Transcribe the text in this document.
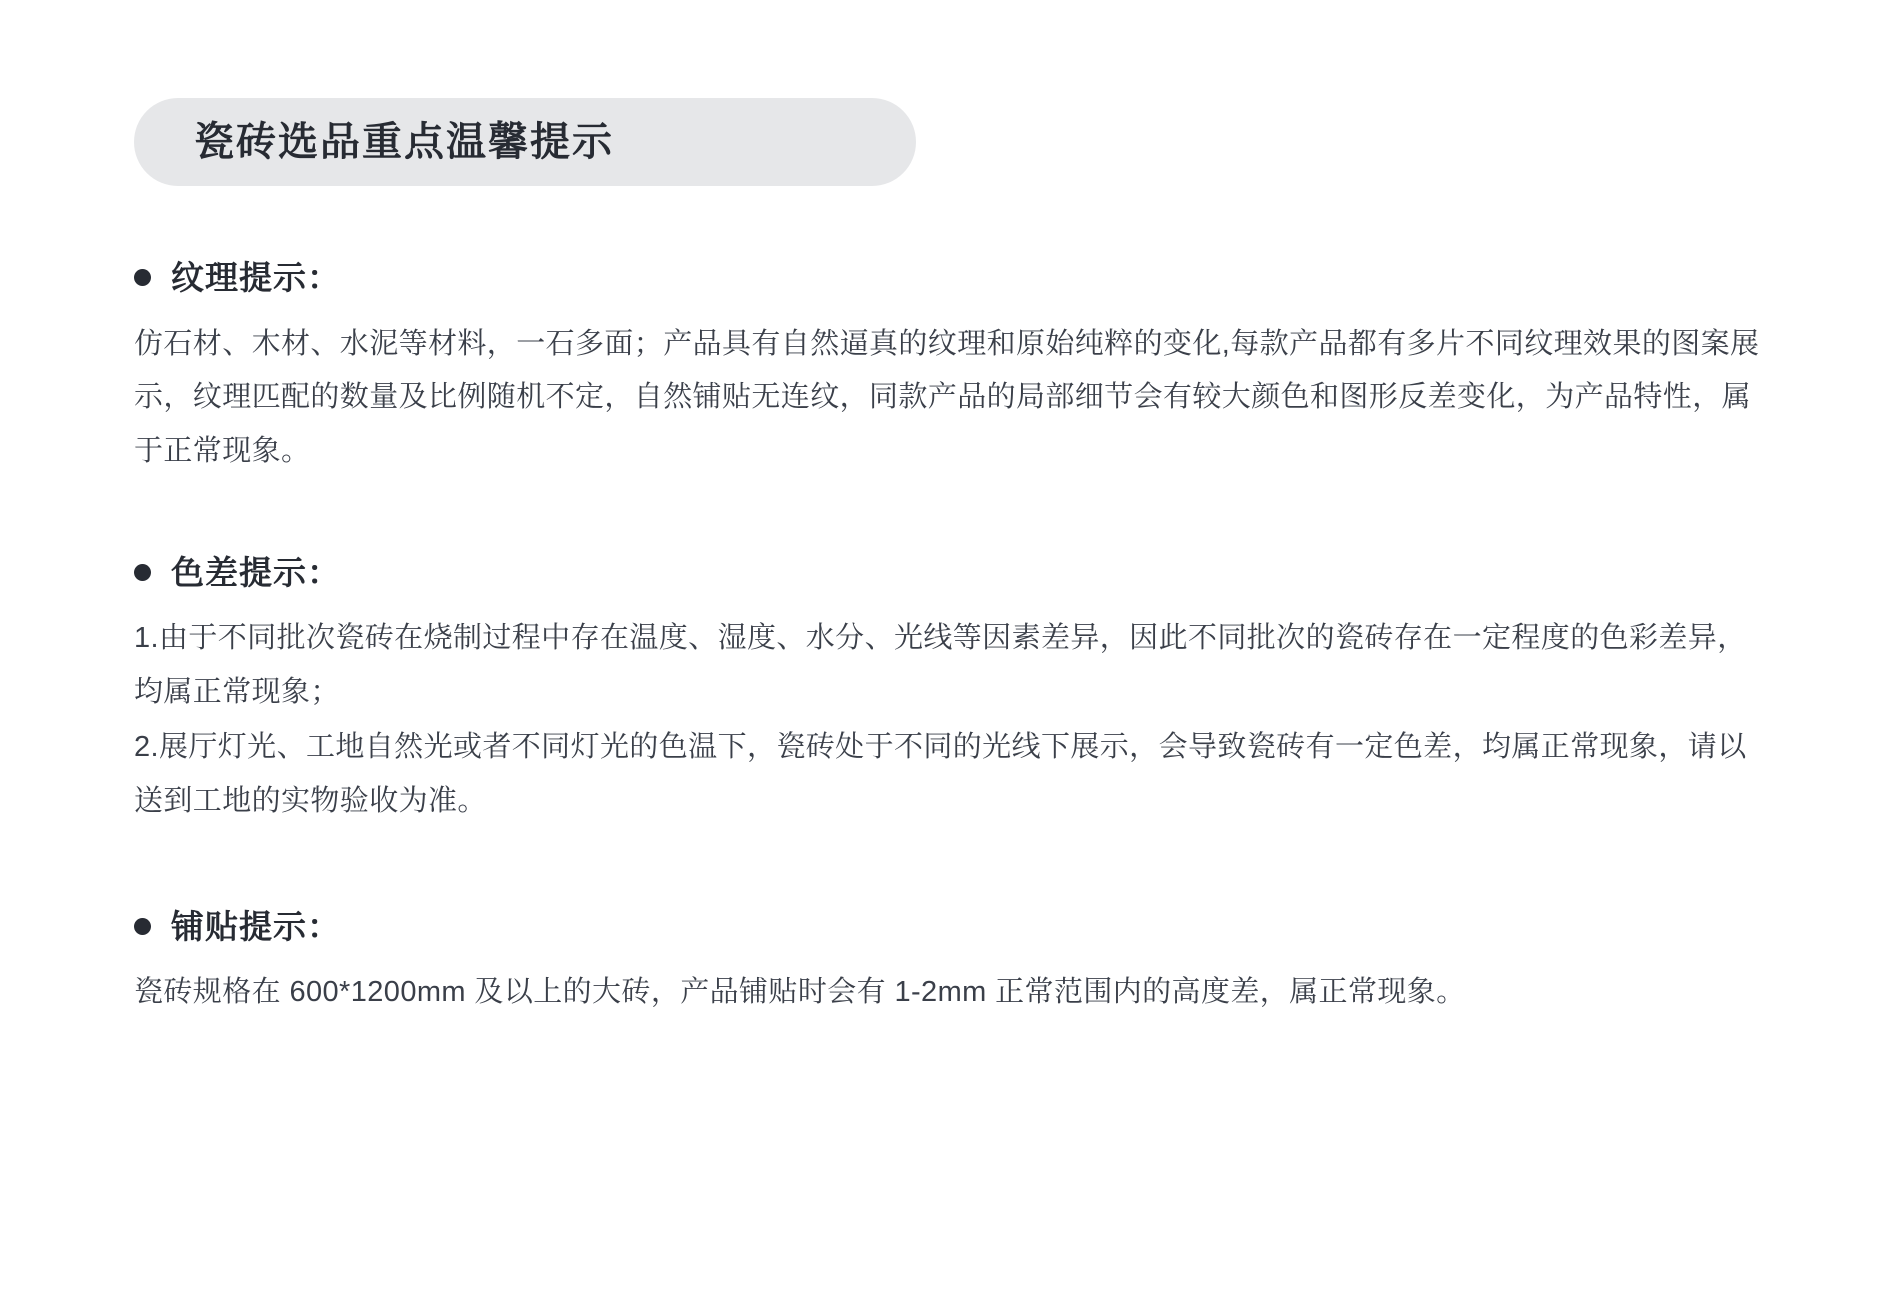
瓷砖选品重点温馨提示
纹理提示：

仿石材、木材、水泥等材料，一石多面；产品具有自然逼真的纹理和原始纯粹的变化,每款产品都有多片不同纹理效果的图案展示，纹理匹配的数量及比例随机不定，自然铺贴无连纹，同款产品的局部细节会有较大颜色和图形反差变化，为产品特性，属于正常现象。

色差提示：

1.由于不同批次瓷砖在烧制过程中存在温度、湿度、水分、光线等因素差异，因此不同批次的瓷砖存在一定程度的色彩差异，均属正常现象；

2.展厅灯光、工地自然光或者不同灯光的色温下，瓷砖处于不同的光线下展示，会导致瓷砖有一定色差，均属正常现象，请以送到工地的实物验收为准。

铺贴提示：

瓷砖规格在 600*1200mm 及以上的大砖，产品铺贴时会有 1-2mm 正常范围内的高度差，属正常现象。
